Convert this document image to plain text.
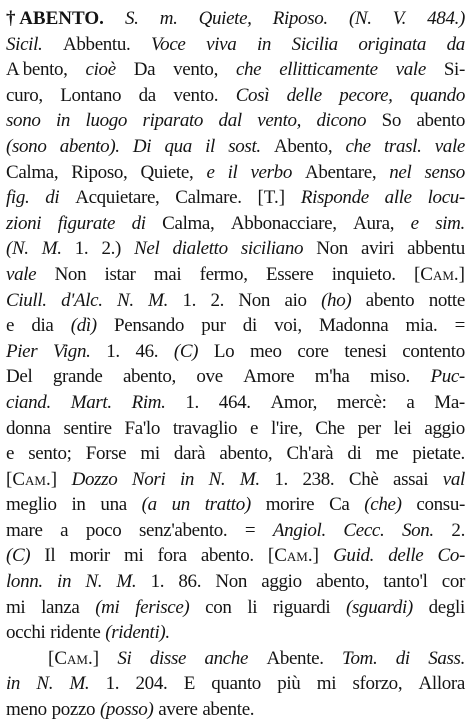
† ABENTO. S. m. Quiete, Riposo. (N. V. 484.)
Sicil. Abbentu. Voce viva in Sicilia originata da
A bento, cioè Da vento, che ellitticamente vale Si-
curo, Lontano da vento. Così delle pecore, quando
sono in luogo riparato dal vento, dicono So abento
(sono abento). Di qua il sost. Abento, che trasl. vale
Calma, Riposo, Quiete, e il verbo Abentare, nel senso
fig. di Acquietare, Calmare. [T.] Risponde alle locu-
zioni figurate di Calma, Abbonacciare, Aura, e sim.
(N. M. 1. 2.) Nel dialetto siciliano Non aviri abbentu
vale Non istar mai fermo, Essere inquieto. [Cam.]
Ciull. d'Alc. N. M. 1. 2. Non aio (ho) abento notte
e dia (dì) Pensando pur di voi, Madonna mia. =
Pier Vign. 1. 46. (C) Lo meo core tenesi contento
Del grande abento, ove Amore m'ha miso. Puc-
ciand. Mart. Rim. 1. 464. Amor, mercè: a Ma-
donna sentire Fa'lo travaglio e l'ire, Che per lei aggio
e sento; Forse mi darà abento, Ch'arà di me pietate.
[Cam.] Dozzo Nori in N. M. 1. 238. Chè assai val
meglio in una (a un tratto) morire Ca (che) consu-
mare a poco senz'abento. = Angiol. Cecc. Son. 2.
(C) Il morir mi fora abento. [Cam.] Guid. delle Co-
lonn. in N. M. 1. 86. Non aggio abento, tanto'l cor
mi lanza (mi ferisce) con li riguardi (sguardi) degli
occhi ridente (ridenti).
[Cam.] Si disse anche Abente. Tom. di Sass.
in N. M. 1. 204. E quanto più mi sforzo, Allora
meno pozzo (posso) avere abente.
